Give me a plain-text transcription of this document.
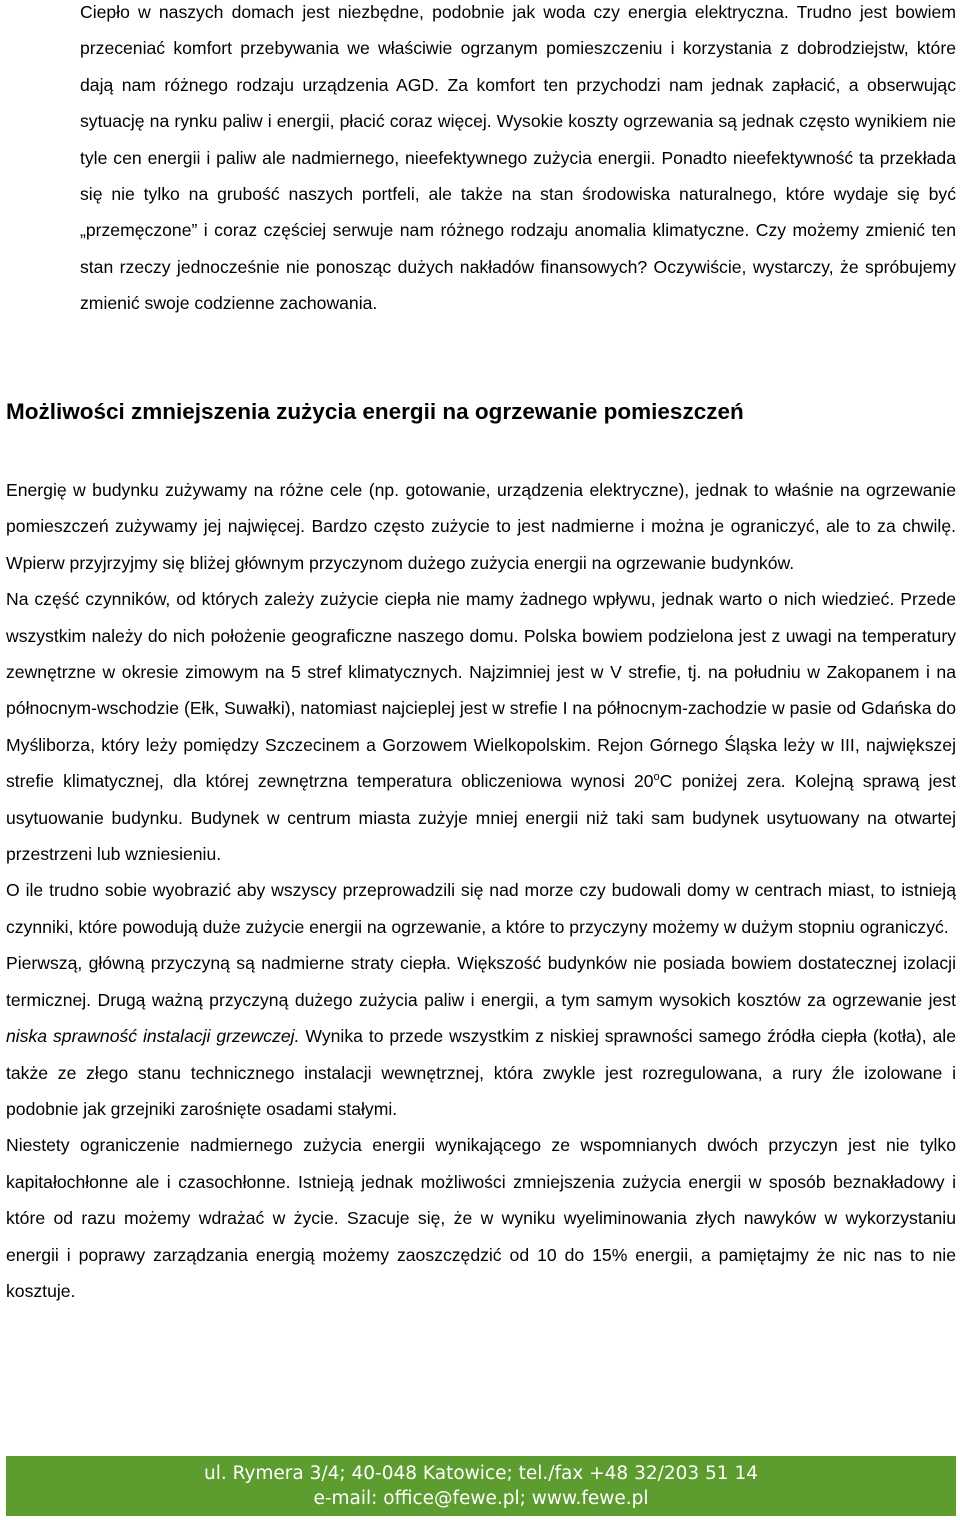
Ciepło w naszych domach jest niezbędne, podobnie jak woda czy energia elektryczna. Trudno jest bowiem przeceniać komfort przebywania we właściwie ogrzanym pomieszczeniu i korzystania z dobrodziejstw, które dają nam różnego rodzaju urządzenia AGD. Za komfort ten przychodzi nam jednak zapłacić, a obserwując sytuację na rynku paliw i energii, płacić coraz więcej. Wysokie koszty ogrzewania są jednak często wynikiem nie tyle cen energii i paliw ale nadmiernego, nieefektywnego zużycia energii. Ponadto nieefektywność ta przekłada się nie tylko na grubość naszych portfeli, ale także na stan środowiska naturalnego, które wydaje się być „przemęczone” i coraz częściej serwuje nam różnego rodzaju anomalia klimatyczne. Czy możemy zmienić ten stan rzeczy jednocześnie nie ponosząc dużych nakładów finansowych? Oczywiście, wystarczy, że spróbujemy zmienić swoje codzienne zachowania.

Możliwości zmniejszenia zużycia energii na ogrzewanie pomieszczeń

Energię w budynku zużywamy na różne cele (np. gotowanie, urządzenia elektryczne), jednak to właśnie na ogrzewanie pomieszczeń zużywamy jej najwięcej. Bardzo często zużycie to jest nadmierne i można je ograniczyć, ale to za chwilę. Wpierw przyjrzyjmy się bliżej głównym przyczynom dużego zużycia energii na ogrzewanie budynków.

Na część czynników, od których zależy zużycie ciepła nie mamy żadnego wpływu, jednak warto o nich wiedzieć. Przede wszystkim należy do nich położenie geograficzne naszego domu. Polska bowiem podzielona jest z uwagi na temperatury zewnętrzne w okresie zimowym na 5 stref klimatycznych. Najzimniej jest w V strefie, tj. na południu w Zakopanem i na północnym-wschodzie (Ełk, Suwałki), natomiast najcieplej jest w strefie I na północnym-zachodzie w pasie od Gdańska do Myśliborza, który leży pomiędzy Szczecinem a Gorzowem Wielkopolskim. Rejon Górnego Śląska leży w III, największej strefie klimatycznej, dla której zewnętrzna temperatura obliczeniowa wynosi 20$^o$C poniżej zera. Kolejną sprawą jest usytuowanie budynku. Budynek w centrum miasta zużyje mniej energii niż taki sam budynek usytuowany na otwartej przestrzeni lub wzniesieniu.

O ile trudno sobie wyobrazić aby wszyscy przeprowadzili się nad morze czy budowali domy w centrach miast, to istnieją czynniki, które powodują duże zużycie energii na ogrzewanie, a które to przyczyny możemy w dużym stopniu ograniczyć.

Pierwszą, główną przyczyną są nadmierne straty ciepła. Większość budynków nie posiada bowiem dostatecznej izolacji termicznej. Drugą ważną przyczyną dużego zużycia paliw i energii, a tym samym wysokich kosztów za ogrzewanie jest niska sprawność instalacji grzewczej. Wynika to przede wszystkim z niskiej sprawności samego źródła ciepła (kotła), ale także ze złego stanu technicznego instalacji wewnętrznej, która zwykle jest rozregulowana, a rury źle izolowane i podobnie jak grzejniki zarośnięte osadami stałymi.

Niestety ograniczenie nadmiernego zużycia energii wynikającego ze wspomnianych dwóch przyczyn jest nie tylko kapitałochłonne ale i czasochłonne. Istnieją jednak możliwości zmniejszenia zużycia energii w sposób beznakładowy i które od razu możemy wdrażać w życie. Szacuje się, że w wyniku wyeliminowania złych nawyków w wykorzystaniu energii i poprawy zarządzania energią możemy zaoszczędzić od 10 do 15% energii, a pamiętajmy że nic nas to nie kosztuje.

ul. Rymera 3/4; 40-048 Katowice; tel./fax +48 32/203 51 14
e-mail: office@fewe.pl; www.fewe.pl
